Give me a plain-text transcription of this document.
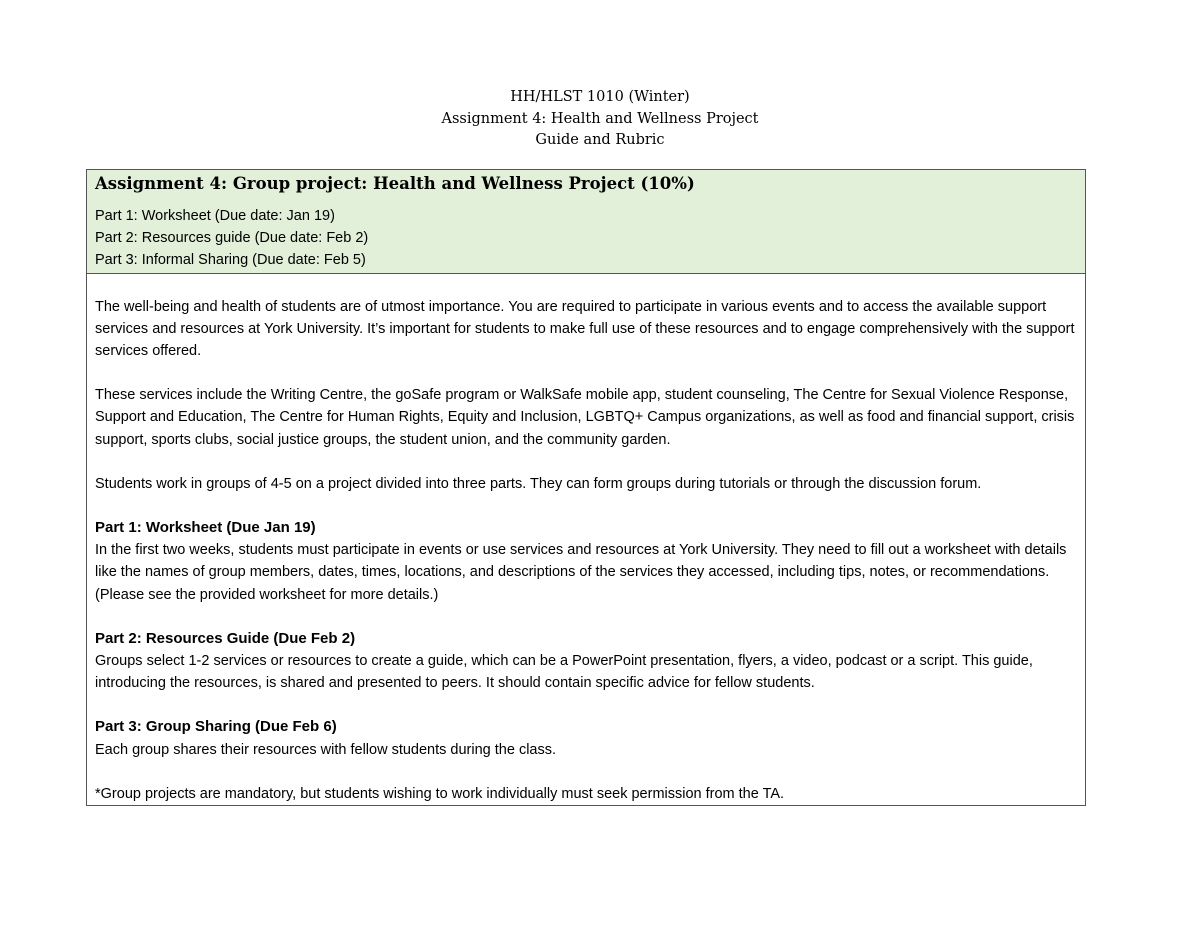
HH/HLST 1010 (Winter)
Assignment 4: Health and Wellness Project
Guide and Rubric
Assignment 4: Group project: Health and Wellness Project (10%)
Part 1: Worksheet (Due date: Jan 19)
Part 2: Resources guide (Due date: Feb 2)
Part 3: Informal Sharing (Due date: Feb 5)
The well-being and health of students are of utmost importance. You are required to participate in various events and to access the available support services and resources at York University. It’s important for students to make full use of these resources and to engage comprehensively with the support services offered.
These services include the Writing Centre, the goSafe program or WalkSafe mobile app, student counseling, The Centre for Sexual Violence Response, Support and Education, The Centre for Human Rights, Equity and Inclusion, LGBTQ+ Campus organizations, as well as food and financial support, crisis support, sports clubs, social justice groups, the student union, and the community garden.
Students work in groups of 4-5 on a project divided into three parts. They can form groups during tutorials or through the discussion forum.
Part 1: Worksheet (Due Jan 19)
In the first two weeks, students must participate in events or use services and resources at York University. They need to fill out a worksheet with details like the names of group members, dates, times, locations, and descriptions of the services they accessed, including tips, notes, or recommendations. (Please see the provided worksheet for more details.)
Part 2: Resources Guide (Due Feb 2)
Groups select 1-2 services or resources to create a guide, which can be a PowerPoint presentation, flyers, a video, podcast or a script. This guide, introducing the resources, is shared and presented to peers. It should contain specific advice for fellow students.
Part 3: Group Sharing (Due Feb 6)
Each group shares their resources with fellow students during the class.
*Group projects are mandatory, but students wishing to work individually must seek permission from the TA.
